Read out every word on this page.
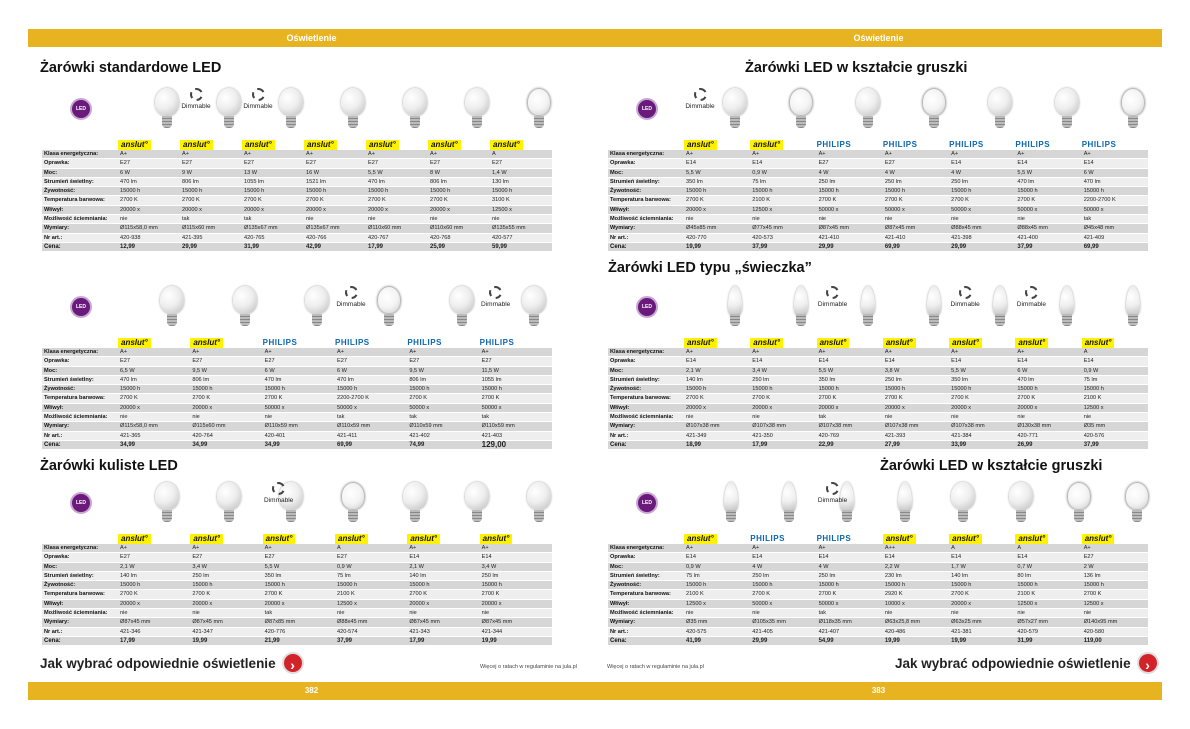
Oświetlenie
Żarówki standardowe LED
LED	Dimmable	Dimmable
anslut°	anslut°	anslut°	anslut°	anslut°	anslut°	anslut°
Klasa energetyczna:	A+	A+	A+	A+	A+	A+	A
Oprawka:	E27	E27	E27	E27	E27	E27	E27
Moc:	6 W	9 W	13 W	16 W	5,5 W	8 W	1,4 W
Strumień świetlny:	470 lm	806 lm	1055 lm	1521 lm	470 lm	806 lm	130 lm
Żywotność:	15000 h	15000 h	15000 h	15000 h	15000 h	15000 h	15000 h
Temperatura barwowa:	2700 K	2700 K	2700 K	2700 K	2700 K	2700 K	3100 K
Wł/wył:	20000 x	20000 x	20000 x	20000 x	20000 x	20000 x	12500 x
Możliwość ściemniania:	nie	tak	tak	nie	nie	nie	nie
Wymiary:	Ø115x58,0 mm	Ø115x60 mm	Ø135x67 mm	Ø135x67 mm	Ø110x60 mm	Ø110x60 mm	Ø135x55 mm
Nr art.:	420-938	421-395	420-765	420-766	420-767	420-768	420-577
Cena:	12,99	29,99	31,99	42,99	17,99	25,99	59,99
LED	Dimmable	Dimmable
anslut°	anslut°	PHILIPS	PHILIPS	PHILIPS	PHILIPS
Klasa energetyczna:	A+	A+	A+	A+	A+	A+
Oprawka:	E27	E27	E27	E27	E27	E27
Moc:	6,5 W	9,5 W	6 W	6 W	9,5 W	11,5 W
Strumień świetlny:	470 lm	806 lm	470 lm	470 lm	806 lm	1055 lm
Żywotność:	15000 h	15000 h	15000 h	15000 h	15000 h	15000 h
Temperatura barwowa:	2700 K	2700 K	2700 K	2200-2700 K	2700 K	2700 K
Wł/wył:	20000 x	20000 x	50000 x	50000 x	50000 x	50000 x
Możliwość ściemniania:	nie	nie	nie	tak	tak	tak
Wymiary:	Ø115x58,0 mm	Ø115x60 mm	Ø110x59 mm	Ø110x59 mm	Ø110x59 mm	Ø110x59 mm
Nr art.:	421-365	420-764	420-401	421-411	421-402	421-403
Cena:	34,99	34,99	34,99	69,99	74,99	129,00
Żarówki kuliste LED
LED	Dimmable
anslut°	anslut°	anslut°	anslut°	anslut°	anslut°
Klasa energetyczna:	A+	A+	A+	A	A+	A+
Oprawka:	E27	E27	E27	E27	E14	E14
Moc:	2,1 W	3,4 W	5,5 W	0,9 W	2,1 W	3,4 W
Strumień świetlny:	140 lm	250 lm	350 lm	75 lm	140 lm	250 lm
Żywotność:	15000 h	15000 h	15000 h	15000 h	15000 h	15000 h
Temperatura barwowa:	2700 K	2700 K	2700 K	2100 K	2700 K	2700 K
Wł/wył:	20000 x	20000 x	20000 x	12500 x	20000 x	20000 x
Możliwość ściemniania:	nie	nie	tak	nie	nie	nie
Wymiary:	Ø87x45 mm	Ø87x45 mm	Ø87x85 mm	Ø88x45 mm	Ø87x45 mm	Ø87x45 mm
Nr art.:	421-346	421-347	420-776	420-574	421-343	421-344
Cena:	17,99	19,99	21,99	37,99	17,99	19,99
Jak wybrać odpowiednie oświetlenie	›	Więcej o ratach w regulaminie na jula.pl
382
Oświetlenie
Żarówki LED w kształcie gruszki
LED	Dimmable
anslut°	anslut°	PHILIPS	PHILIPS	PHILIPS	PHILIPS	PHILIPS
Klasa energetyczna:	A+	A+	A+	A+	A+	A+	A+
Oprawka:	E14	E14	E27	E27	E14	E14	E14
Moc:	5,5 W	0,9 W	4 W	4 W	4 W	5,5 W	6 W
Strumień świetlny:	350 lm	75 lm	250 lm	250 lm	250 lm	470 lm	470 lm
Żywotność:	15000 h	15000 h	15000 h	15000 h	15000 h	15000 h	15000 h
Temperatura barwowa:	2700 K	2100 K	2700 K	2700 K	2700 K	2700 K	2200-2700 K
Wł/wył:	20000 x	12500 x	50000 x	50000 x	50000 x	50000 x	50000 x
Możliwość ściemniania:	nie	nie	nie	nie	nie	nie	tak
Wymiary:	Ø45x85 mm	Ø77x45 mm	Ø87x45 mm	Ø87x45 mm	Ø88x45 mm	Ø88x45 mm	Ø45x48 mm
Nr art.:	420-770	420-573	421-410	421-410	421-398	421-400	421-409
Cena:	19,99	37,99	29,99	69,99	29,99	37,99	69,99
Żarówki LED typu „świeczka”
LED	Dimmable	Dimmable	Dimmable
anslut°	anslut°	anslut°	anslut°	anslut°	anslut°	anslut°
Klasa energetyczna:	A+	A+	A+	A+	A+	A+	A
Oprawka:	E14	E14	E14	E14	E14	E14	E14
Moc:	2,1 W	3,4 W	5,5 W	3,8 W	5,5 W	6 W	0,9 W
Strumień świetlny:	140 lm	250 lm	350 lm	250 lm	350 lm	470 lm	75 lm
Żywotność:	15000 h	15000 h	15000 h	15000 h	15000 h	15000 h	15000 h
Temperatura barwowa:	2700 K	2700 K	2700 K	2700 K	2700 K	2700 K	2100 K
Wł/wył:	20000 x	20000 x	20000 x	20000 x	20000 x	20000 x	12500 x
Możliwość ściemniania:	nie	nie	tak	nie	nie	nie	nie
Wymiary:	Ø107x38 mm	Ø107x38 mm	Ø107x38 mm	Ø107x38 mm	Ø107x38 mm	Ø130x38 mm	Ø35 mm
Nr art.:	421-349	421-350	420-769	421-393	421-384	420-771	420-576
Cena:	18,99	17,99	22,99	27,99	33,99	26,99	37,99
Żarówki LED w kształcie gruszki
LED	Dimmable
anslut°	PHILIPS	PHILIPS	anslut°	anslut°	anslut°	anslut°
Klasa energetyczna:	A+	A+	A+	A++	A	A	A+
Oprawka:	E14	E14	E14	E14	E14	E14	E27
Moc:	0,9 W	4 W	4 W	2,2 W	1,7 W	0,7 W	2 W
Strumień świetlny:	75 lm	250 lm	250 lm	230 lm	140 lm	80 lm	136 lm
Żywotność:	15000 h	15000 h	15000 h	15000 h	15000 h	15000 h	15000 h
Temperatura barwowa:	2100 K	2700 K	2700 K	2920 K	2700 K	2100 K	2700 K
Wł/wył:	12500 x	50000 x	50000 x	10000 x	20000 x	12500 x	12500 x
Możliwość ściemniania:	nie	nie	tak	nie	nie	nie	nie
Wymiary:	Ø35 mm	Ø105x35 mm	Ø118x35 mm	Ø63x25,8 mm	Ø63x25 mm	Ø57x27 mm	Ø140x95 mm
Nr art.:	420-575	421-405	421-407	420-486	421-381	420-579	420-580
Cena:	41,99	29,99	54,99	19,99	19,99	31,99	119,00
Więcej o ratach w regulaminie na jula.pl	Jak wybrać odpowiednie oświetlenie	›
383
